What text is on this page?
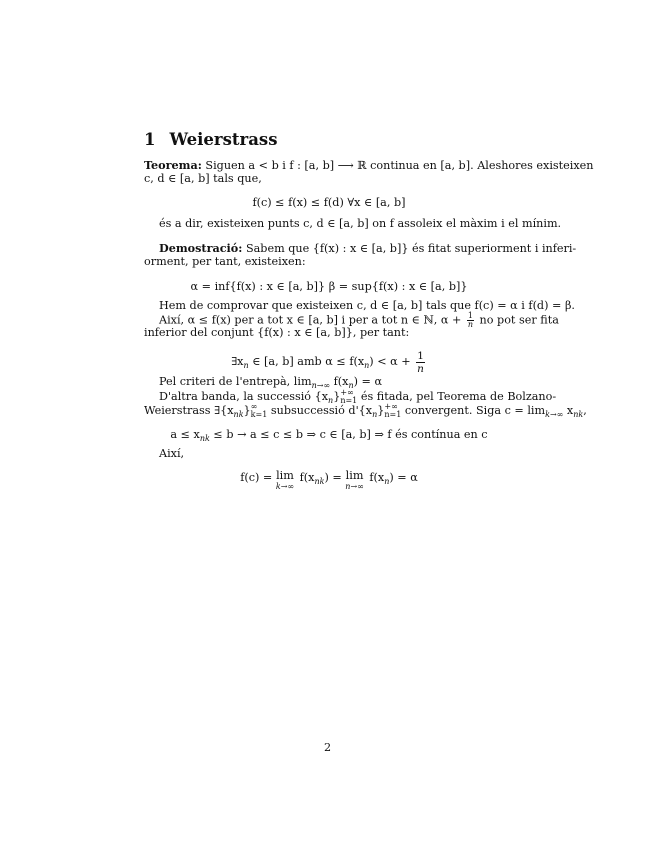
1 Weierstrass
Teorema: Siguen a < b i f : [a, b] ⟶ ℝ continua en [a, b]. Aleshores existeixen
c, d ∈ [a, b] tals que,
f(c) ≤ f(x) ≤ f(d) ∀x ∈ [a, b]
és a dir, existeixen punts c, d ∈ [a, b] on f assoleix el màxim i el mínim.
Demostració: Sabem que {f(x) : x ∈ [a, b]} és fitat superiorment i inferi-
orment, per tant, existeixen:
α = inf{f(x) : x ∈ [a, b]} β = sup{f(x) : x ∈ [a, b]}
Hem de comprovar que existeixen c, d ∈ [a, b] tals que f(c) = α i f(d) = β.
Així, α ≤ f(x) per a tot x ∈ [a, b] i per a tot n ∈ ℕ, $\alpha + \frac{1}{n}$ no pot ser fita
inferior del conjunt {f(x) : x ∈ [a, b]}, per tant:
$\exists x_n$ ∈ [a, b] amb $\alpha \le f(x_n) < \alpha + \frac{1}{n}$
Pel criteri de l'entrepà, $\lim_{n\to\infty} f(x_n) = \alpha$
D'altra banda, la successió $\{x_n\}$ +∞
n=1 és fitada, pel Teorema de Bolzano-
Weierstrass $\exists\{x_{nk}\}$ ∞
k=1 subsuccessió $d'\{x_n\}$ +∞
n=1 convergent. Siga $c = \lim_{k\to\infty} x_{nk}$,
$a \le x_{nk} \le b \to a \le c \le b$ ⇒ c ∈ [a, b] ⇒ f és contínua en c
Així,
f(c) = lim
k→∞
$f(x_{nk}) = \lim$
n→∞
$f(x_n) = \alpha$
2
